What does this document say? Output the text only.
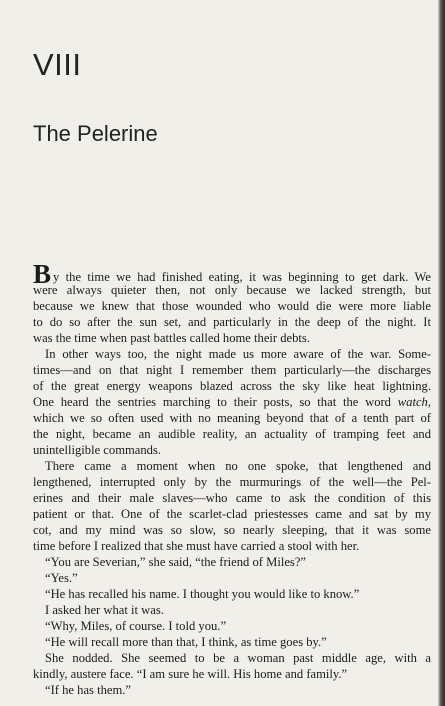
VIII
The Pelerine
By the time we had finished eating, it was beginning to get dark. We
were always quieter then, not only because we lacked strength, but
because we knew that those wounded who would die were more liable
to do so after the sun set, and particularly in the deep of the night. It
was the time when past battles called home their debts.
In other ways too, the night made us more aware of the war. Some-
times—and on that night I remember them particularly—the discharges
of the great energy weapons blazed across the sky like heat lightning.
One heard the sentries marching to their posts, so that the word watch,
which we so often used with no meaning beyond that of a tenth part of
the night, became an audible reality, an actuality of tramping feet and
unintelligible commands.
There came a moment when no one spoke, that lengthened and
lengthened, interrupted only by the murmurings of the well—the Pel-
erines and their male slaves—who came to ask the condition of this
patient or that. One of the scarlet-clad priestesses came and sat by my
cot, and my mind was so slow, so nearly sleeping, that it was some
time before I realized that she must have carried a stool with her.
“You are Severian,” she said, “the friend of Miles?”
“Yes.”
“He has recalled his name. I thought you would like to know.”
I asked her what it was.
“Why, Miles, of course. I told you.”
“He will recall more than that, I think, as time goes by.”
She nodded. She seemed to be a woman past middle age, with a
kindly, austere face. “I am sure he will. His home and family.”
“If he has them.”
